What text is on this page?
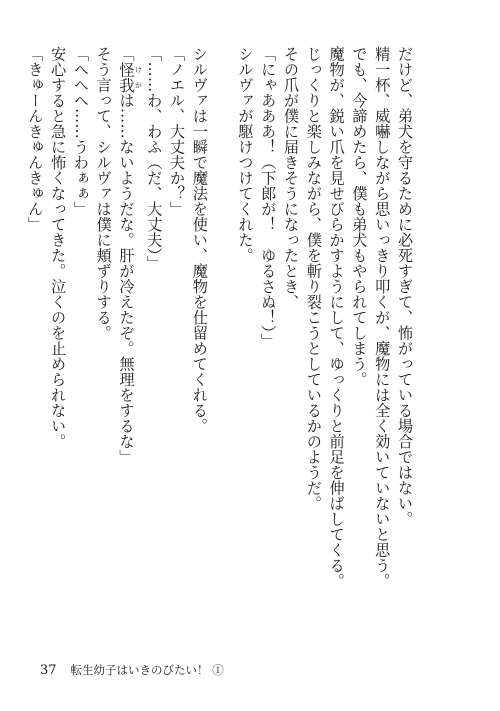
だけど、弟犬を守るために必死すぎて、怖がっている場合ではない。
精一杯、威嚇しながら思いっきり叩くが、魔物には全く効いていないと思う。
でも、今諦めたら、僕も弟犬もやられてしまう。
魔物が、鋭い爪を見せびらかすようにして、ゆっくりと前足を伸ばしてくる。
じっくりと楽しみながら、僕を斬り裂こうとしているかのようだ。
その爪が僕に届きそうになったとき、
「にゃあああ！（下郎が！　ゆるさぬ！）」
シルヴァが駆けつけてくれた。
シルヴァは一瞬で魔法を使い、魔物を仕留めてくれる。
「ノエル、大丈夫か？」
「……わ、わふ（だ、大丈夫）」
「怪我 けがは……ないようだな。肝が冷えたぞ。無理をするな」
そう言って、シルヴァは僕に頬ずりする。
「へへへ……うわぁぁ」
安心すると急に怖くなってきた。泣くのを止められない。
「きゅーんきゅんきゅん」
37 転生幼子はいきのびたい！ ①
